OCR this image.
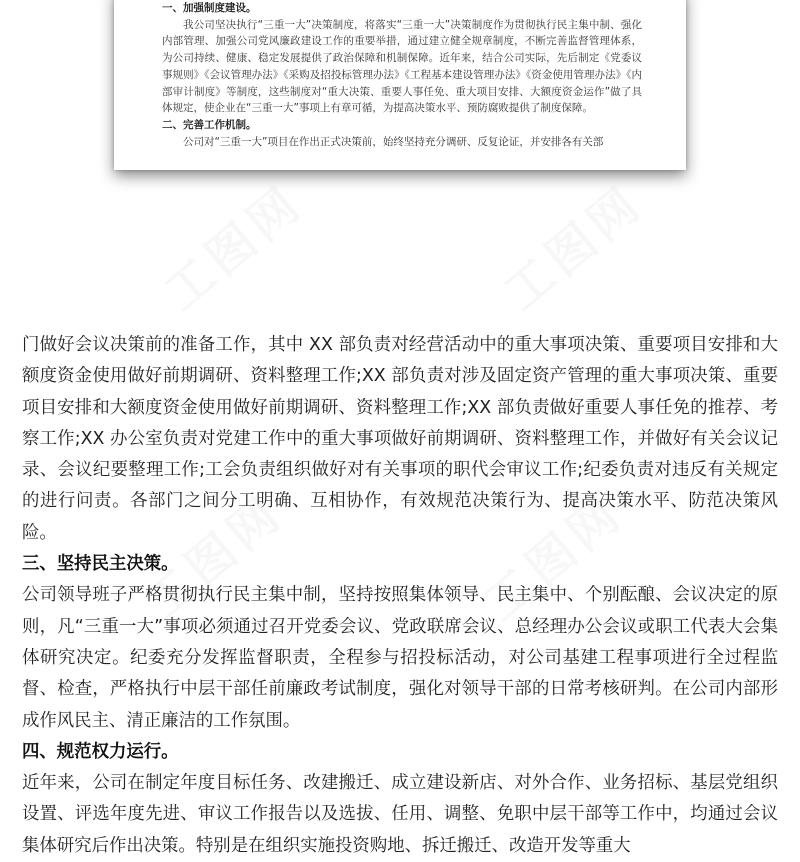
一、加强制度建设。

我公司坚决执行“三重一大”决策制度，将落实“三重一大”决策制度作为贯彻执行民主集中制、强化内部管理、加强公司党风廉政建设工作的重要举措，通过建立健全规章制度，不断完善监督管理体系，为公司持续、健康、稳定发展提供了政治保障和机制保障。近年来，结合公司实际，先后制定《党委议事规则》《会议管理办法》《采购及招投标管理办法》《工程基本建设管理办法》《资金使用管理办法》《内部审计制度》等制度，这些制度对“重大决策、重要人事任免、重大项目安排、大额度资金运作”做了具体规定，使企业在“三重一大”事项上有章可循，为提高决策水平、预防腐败提供了制度保障。

二、完善工作机制。

公司对“三重一大”项目在作出正式决策前，始终坚持充分调研、反复论证，并安排各有关部

工图网	工图网

门做好会议决策前的准备工作，其中 XX 部负责对经营活动中的重大事项决策、重要项目安排和大额度资金使用做好前期调研、资料整理工作;XX 部负责对涉及固定资产管理的重大事项决策、重要项目安排和大额度资金使用做好前期调研、资料整理工作;XX 部负责做好重要人事任免的推荐、考察工作;XX 办公室负责对党建工作中的重大事项做好前期调研、资料整理工作，并做好有关会议记录、会议纪要整理工作;工会负责组织做好对有关事项的职代会审议工作;纪委负责对违反有关规定的进行问责。各部门之间分工明确、互相协作，有效规范决策行为、提高决策水平、防范决策风险。

三、坚持民主决策。

公司领导班子严格贯彻执行民主集中制，坚持按照集体领导、民主集中、个别酝酿、会议决定的原则，凡“三重一大”事项必须通过召开党委会议、党政联席会议、总经理办公会议或职工代表大会集体研究决定。纪委充分发挥监督职责，全程参与招投标活动，对公司基建工程事项进行全过程监督、检查，严格执行中层干部任前廉政考试制度，强化对领导干部的日常考核研判。在公司内部形成作风民主、清正廉洁的工作氛围。

四、规范权力运行。

近年来，公司在制定年度目标任务、改建搬迁、成立建设新店、对外合作、业务招标、基层党组织设置、评选年度先进、审议工作报告以及选拔、任用、调整、免职中层干部等工作中，均通过会议集体研究后作出决策。特别是在组织实施投资购地、拆迁搬迁、改造开发等重大
